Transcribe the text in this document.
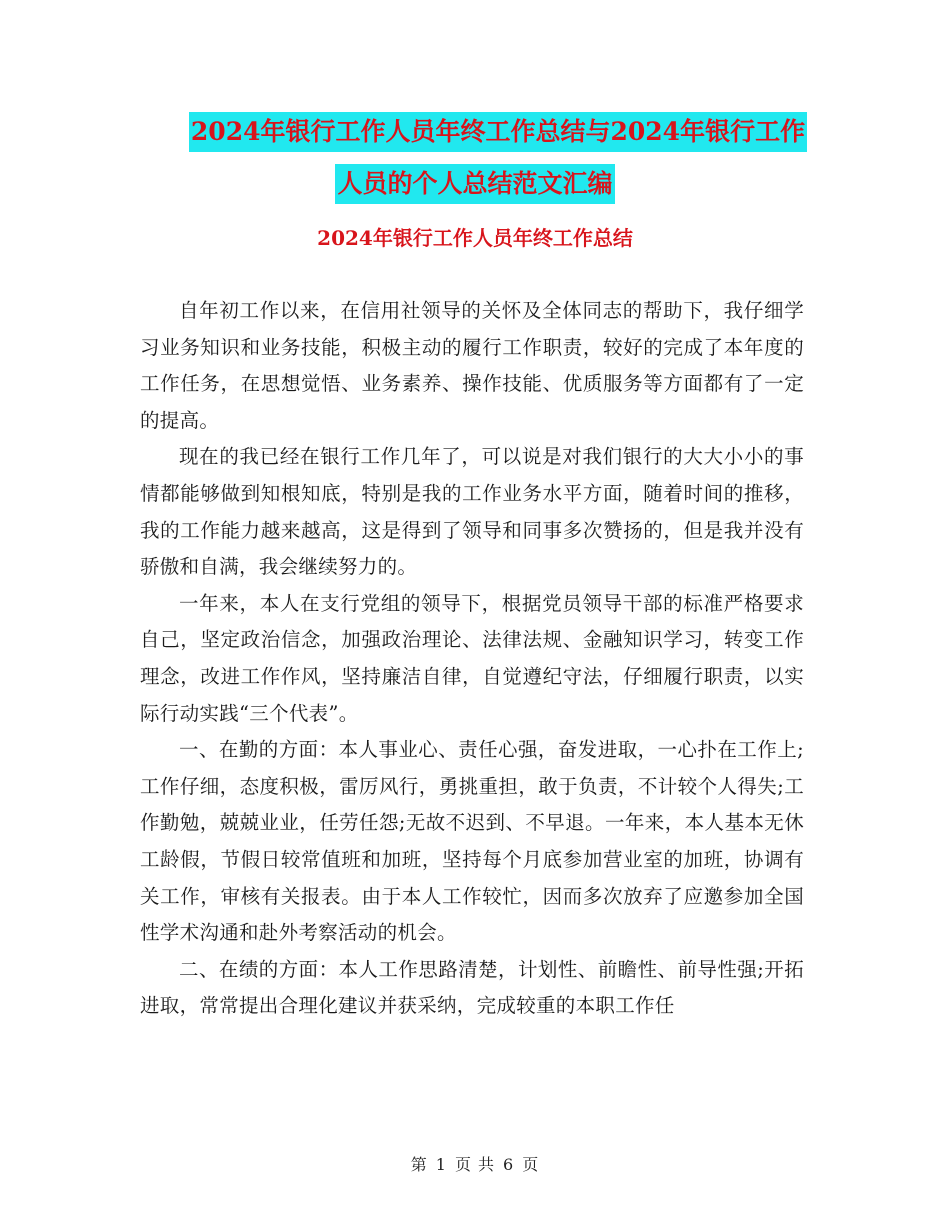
2024年银行工作人员年终工作总结与2024年银行工作
人员的个人总结范文汇编
2024年银行工作人员年终工作总结

自年初工作以来，在信用社领导的关怀及全体同志的帮助下，我仔细学习业务知识和业务技能，积极主动的履行工作职责，较好的完成了本年度的工作任务，在思想觉悟、业务素养、操作技能、优质服务等方面都有了一定的提高。

现在的我已经在银行工作几年了，可以说是对我们银行的大大小小的事情都能够做到知根知底，特别是我的工作业务水平方面，随着时间的推移，我的工作能力越来越高，这是得到了领导和同事多次赞扬的，但是我并没有骄傲和自满，我会继续努力的。

一年来，本人在支行党组的领导下，根据党员领导干部的标准严格要求自己，坚定政治信念，加强政治理论、法律法规、金融知识学习，转变工作理念，改进工作作风，坚持廉洁自律，自觉遵纪守法，仔细履行职责，以实际行动实践“三个代表”。

一、在勤的方面：本人事业心、责任心强，奋发进取，一心扑在工作上;工作仔细，态度积极，雷厉风行，勇挑重担，敢于负责，不计较个人得失;工作勤勉，兢兢业业，任劳任怨;无故不迟到、不早退。一年来，本人基本无休工龄假，节假日较常值班和加班，坚持每个月底参加营业室的加班，协调有关工作，审核有关报表。由于本人工作较忙，因而多次放弃了应邀参加全国性学术沟通和赴外考察活动的机会。

二、在绩的方面：本人工作思路清楚，计划性、前瞻性、前导性强;开拓进取，常常提出合理化建议并获采纳，完成较重的本职工作任

第 1 页 共 6 页
